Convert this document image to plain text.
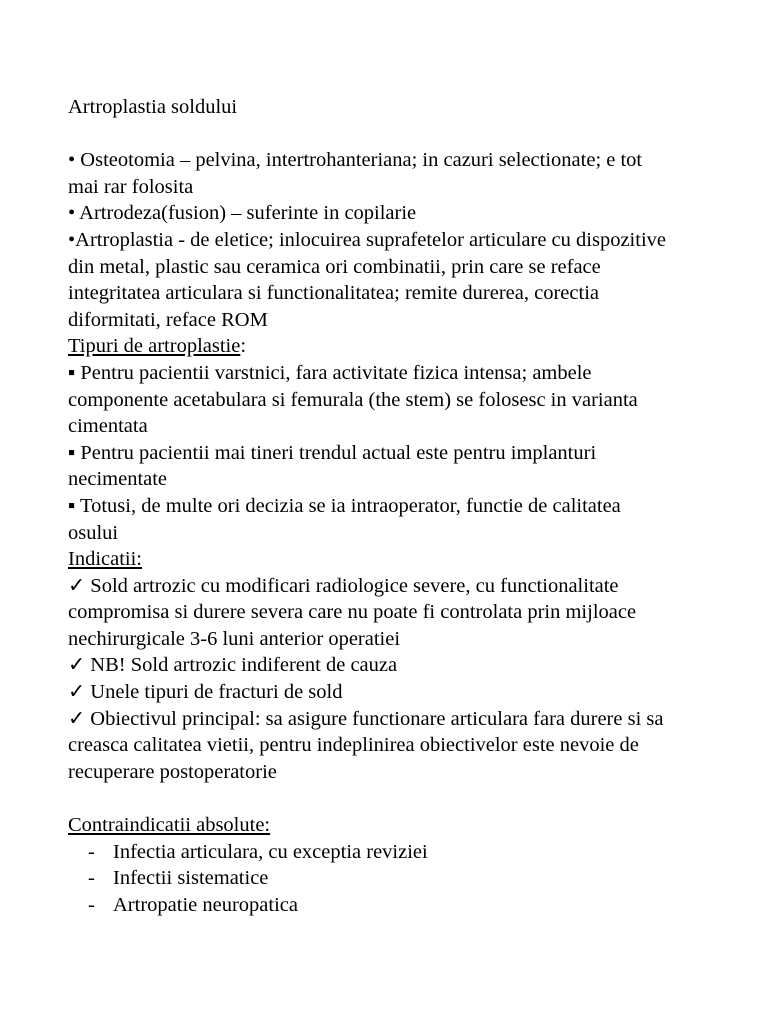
Artroplastia soldului
• Osteotomia – pelvina, intertrohanteriana; in cazuri selectionate; e tot
mai rar folosita
• Artrodeza(fusion) – suferinte in copilarie
•Artroplastia - de eletice; inlocuirea suprafetelor articulare cu dispozitive
din metal, plastic sau ceramica ori combinatii, prin care se reface
integritatea articulara si functionalitatea; remite durerea, corectia
diformitati, reface ROM
Tipuri de artroplastie:
▪ Pentru pacientii varstnici, fara activitate fizica intensa; ambele
componente acetabulara si femurala (the stem) se folosesc in varianta
cimentata
▪ Pentru pacientii mai tineri trendul actual este pentru implanturi
necimentate
▪ Totusi, de multe ori decizia se ia intraoperator, functie de calitatea
osului
Indicatii:
✓ Sold artrozic cu modificari radiologice severe, cu functionalitate
compromisa si durere severa care nu poate fi controlata prin mijloace
nechirurgicale 3-6 luni anterior operatiei
✓ NB! Sold artrozic indiferent de cauza
✓ Unele tipuri de fracturi de sold
✓ Obiectivul principal: sa asigure functionare articulara fara durere si sa
creasca calitatea vietii, pentru indeplinirea obiectivelor este nevoie de
recuperare postoperatorie
Contraindicatii absolute:
- Infectia articulara, cu exceptia reviziei
- Infectii sistematice
- Artropatie neuropatica
